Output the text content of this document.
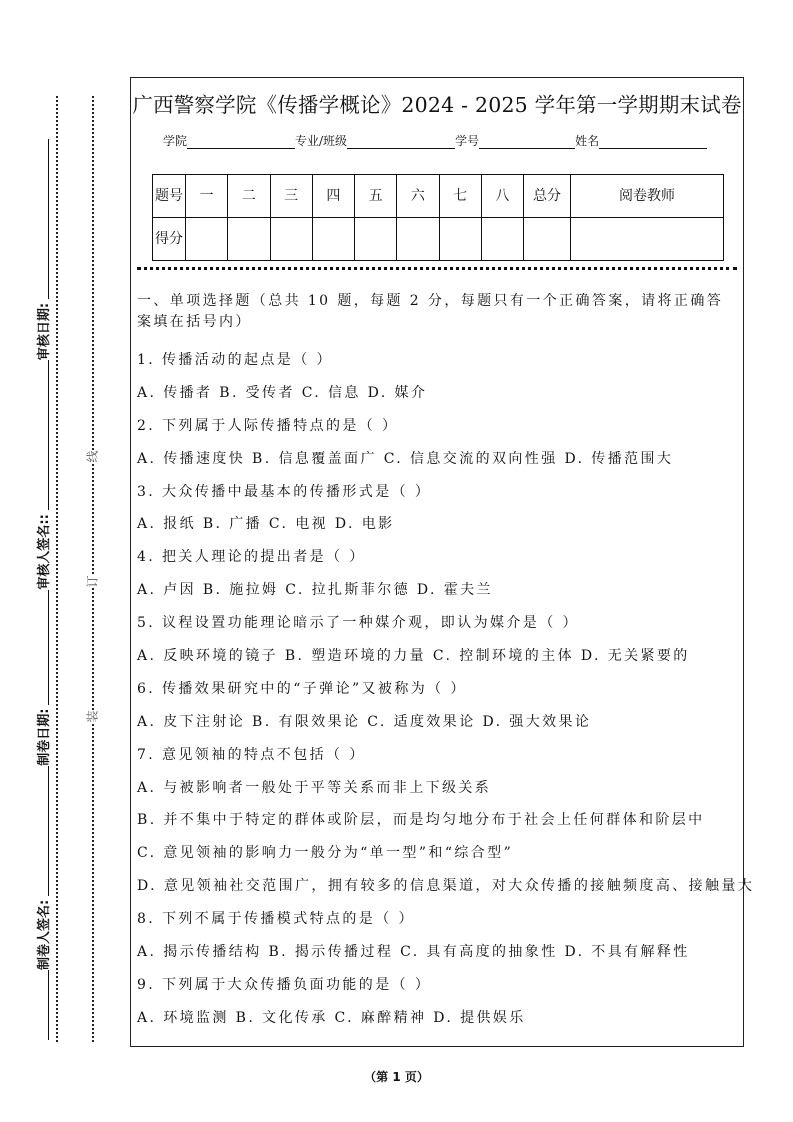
制卷人签名:
制卷日期:
审核人签名::
审核日期:
线
订
装
广西警察学院《传播学概论》2024 - 2025 学年第一学期期末试卷
学院	专业/班级	学号	姓名
题号	一	二	三	四	五	六	七	八	总分	阅卷教师
得分										
一、单项选择题（总共 10 题，每题 2 分，每题只有一个正确答案，请将正确答案填在括号内）
1. 传播活动的起点是（ ）
A. 传播者 B. 受传者 C. 信息 D. 媒介
2. 下列属于人际传播特点的是（ ）
A. 传播速度快 B. 信息覆盖面广 C. 信息交流的双向性强 D. 传播范围大
3. 大众传播中最基本的传播形式是（ ）
A. 报纸 B. 广播 C. 电视 D. 电影
4. 把关人理论的提出者是（ ）
A. 卢因 B. 施拉姆 C. 拉扎斯菲尔德 D. 霍夫兰
5. 议程设置功能理论暗示了一种媒介观，即认为媒介是（ ）
A. 反映环境的镜子 B. 塑造环境的力量 C. 控制环境的主体 D. 无关紧要的
6. 传播效果研究中的“子弹论”又被称为（ ）
A. 皮下注射论 B. 有限效果论 C. 适度效果论 D. 强大效果论
7. 意见领袖的特点不包括（ ）
A. 与被影响者一般处于平等关系而非上下级关系
B. 并不集中于特定的群体或阶层，而是均匀地分布于社会上任何群体和阶层中
C. 意见领袖的影响力一般分为“单一型”和“综合型”
D. 意见领袖社交范围广，拥有较多的信息渠道，对大众传播的接触频度高、接触量大
8. 下列不属于传播模式特点的是（ ）
A. 揭示传播结构 B. 揭示传播过程 C. 具有高度的抽象性 D. 不具有解释性
9. 下列属于大众传播负面功能的是（ ）
A. 环境监测 B. 文化传承 C. 麻醉精神 D. 提供娱乐
（第 1 页）
